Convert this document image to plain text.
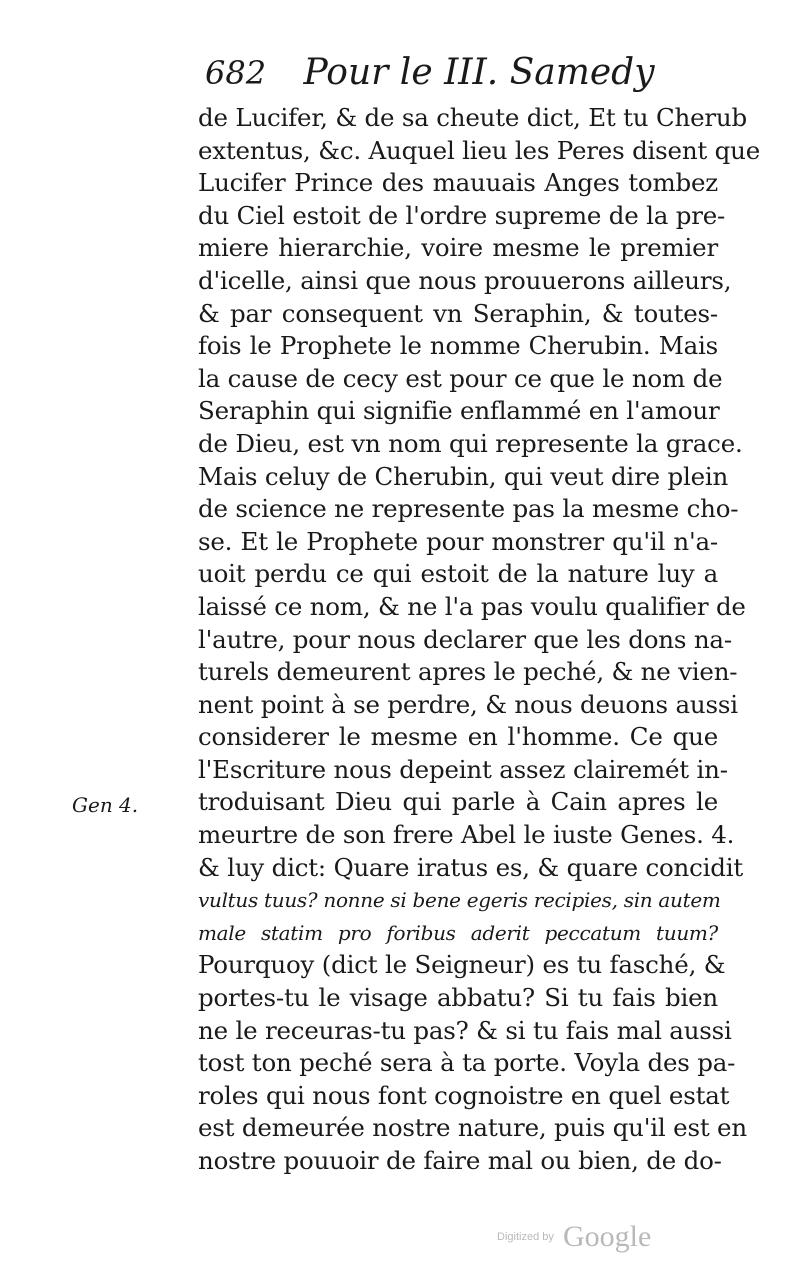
682 Pour le III. Samedy
Gen 4.
de Lucifer, & de sa cheute dict, Et tu Cherub
extentus, &c. Auquel lieu les Peres disent que
Lucifer Prince des mauuais Anges tombez
du Ciel estoit de l'ordre supreme de la pre-
miere hierarchie, voire mesme le premier
d'icelle, ainsi que nous prouuerons ailleurs,
& par consequent vn Seraphin, & toutes-
fois le Prophete le nomme Cherubin. Mais
la cause de cecy est pour ce que le nom de
Seraphin qui signifie enflammé en l'amour
de Dieu, est vn nom qui represente la grace.
Mais celuy de Cherubin, qui veut dire plein
de science ne represente pas la mesme cho-
se. Et le Prophete pour monstrer qu'il n'a-
uoit perdu ce qui estoit de la nature luy a
laissé ce nom, & ne l'a pas voulu qualifier de
l'autre, pour nous declarer que les dons na-
turels demeurent apres le peché, & ne vien-
nent point à se perdre, & nous deuons aussi
considerer le mesme en l'homme. Ce que
l'Escriture nous depeint assez clairemét in-
troduisant Dieu qui parle à Cain apres le
meurtre de son frere Abel le iuste Genes. 4.
& luy dict: Quare iratus es, & quare concidit
vultus tuus? nonne si bene egeris recipies, sin autem
male statim pro foribus aderit peccatum tuum?
Pourquoy (dict le Seigneur) es tu fasché, &
portes-tu le visage abbatu? Si tu fais bien
ne le receuras-tu pas? & si tu fais mal aussi
tost ton peché sera à ta porte. Voyla des pa-
roles qui nous font cognoistre en quel estat
est demeurée nostre nature, puis qu'il est en
nostre pouuoir de faire mal ou bien, de do-
Digitized by Google
